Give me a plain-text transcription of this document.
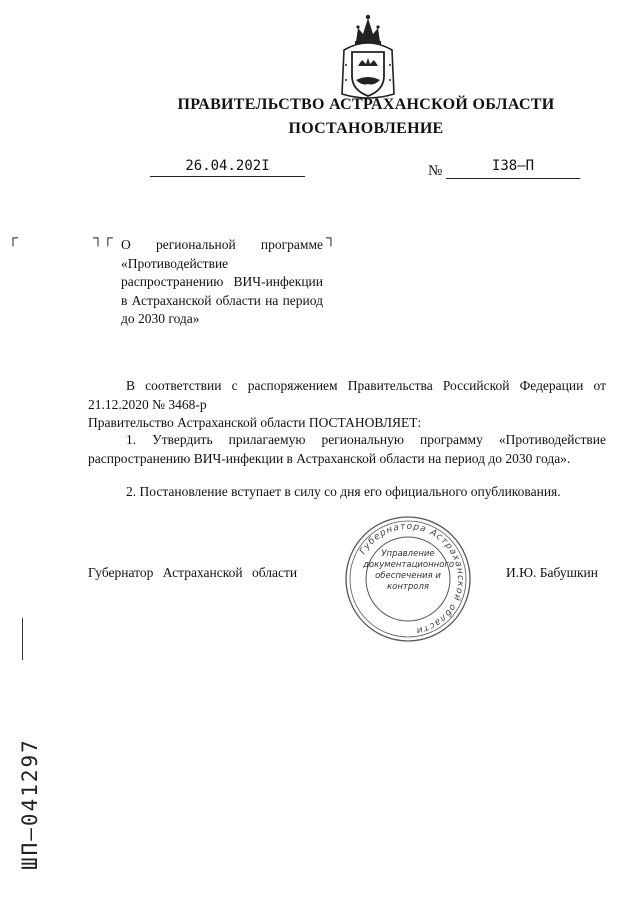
ПРАВИТЕЛЬСТВО АСТРАХАНСКОЙ ОБЛАСТИ
ПОСТАНОВЛЕНИЕ
26.04.202I	№	I38–П
┌	┐┌	┐
О региональной программе «Противодействие распространению ВИЧ-инфекции в Астраханской области на период до 2030 года»
В соответствии с распоряжением Правительства Российской Федерации от 21.12.2020 № 3468-р
Правительство Астраханской области ПОСТАНОВЛЯЕТ:
1. Утвердить прилагаемую региональную программу «Противодействие распространению ВИЧ-инфекции в Астраханской области на период до 2030 года».
2. Постановление вступает в силу со дня его официального опубликования.
Губернатор Астраханской области	И.Ю. Бабушкин
Губернатора Астраханской области
Управление документационного обеспечения и контроля
ШП–041297
